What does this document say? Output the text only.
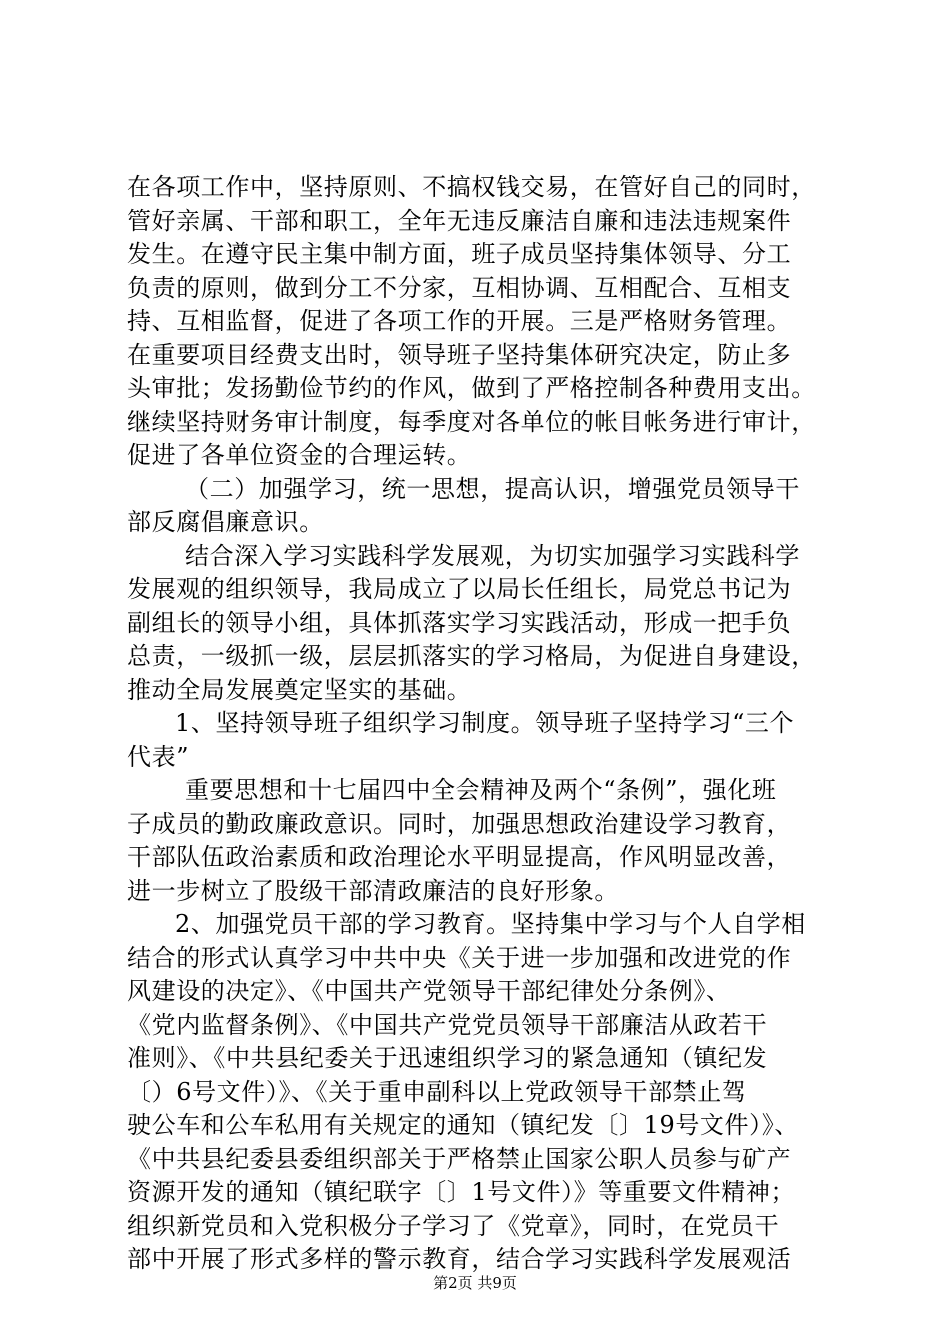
在各项工作中，坚持原则、不搞权钱交易，在管好自己的同时，
管好亲属、干部和职工，全年无违反廉洁自廉和违法违规案件
发生。在遵守民主集中制方面，班子成员坚持集体领导、分工
负责的原则，做到分工不分家，互相协调、互相配合、互相支
持、互相监督，促进了各项工作的开展。三是严格财务管理。
在重要项目经费支出时，领导班子坚持集体研究决定，防止多
头审批；发扬勤俭节约的作风，做到了严格控制各种费用支出。
继续坚持财务审计制度，每季度对各单位的帐目帐务进行审计，
促进了各单位资金的合理运转。
（二）加强学习，统一思想，提高认识，增强党员领导干
部反腐倡廉意识。
结合深入学习实践科学发展观，为切实加强学习实践科学
发展观的组织领导，我局成立了以局长任组长，局党总书记为
副组长的领导小组，具体抓落实学习实践活动，形成一把手负
总责，一级抓一级，层层抓落实的学习格局，为促进自身建设，
推动全局发展奠定坚实的基础。
1、坚持领导班子组织学习制度。领导班子坚持学习“三个
代表”
重要思想和十七届四中全会精神及两个“条例”，强化班
子成员的勤政廉政意识。同时，加强思想政治建设学习教育，
干部队伍政治素质和政治理论水平明显提高，作风明显改善，
进一步树立了股级干部清政廉洁的良好形象。
2、加强党员干部的学习教育。坚持集中学习与个人自学相
结合的形式认真学习中共中央《关于进一步加强和改进党的作
风建设的决定》、《中国共产党领导干部纪律处分条例》、
《党内监督条例》、《中国共产党党员领导干部廉洁从政若干
准则》、《中共县纪委关于迅速组织学习的紧急通知（镇纪发
〔）6号文件）》、《关于重申副科以上党政领导干部禁止驾
驶公车和公车私用有关规定的通知（镇纪发〔〕19号文件）》、
《中共县纪委县委组织部关于严格禁止国家公职人员参与矿产
资源开发的通知（镇纪联字〔〕1号文件）》等重要文件精神；
组织新党员和入党积极分子学习了《党章》，同时，在党员干
部中开展了形式多样的警示教育，结合学习实践科学发展观活
第2页 共9页
